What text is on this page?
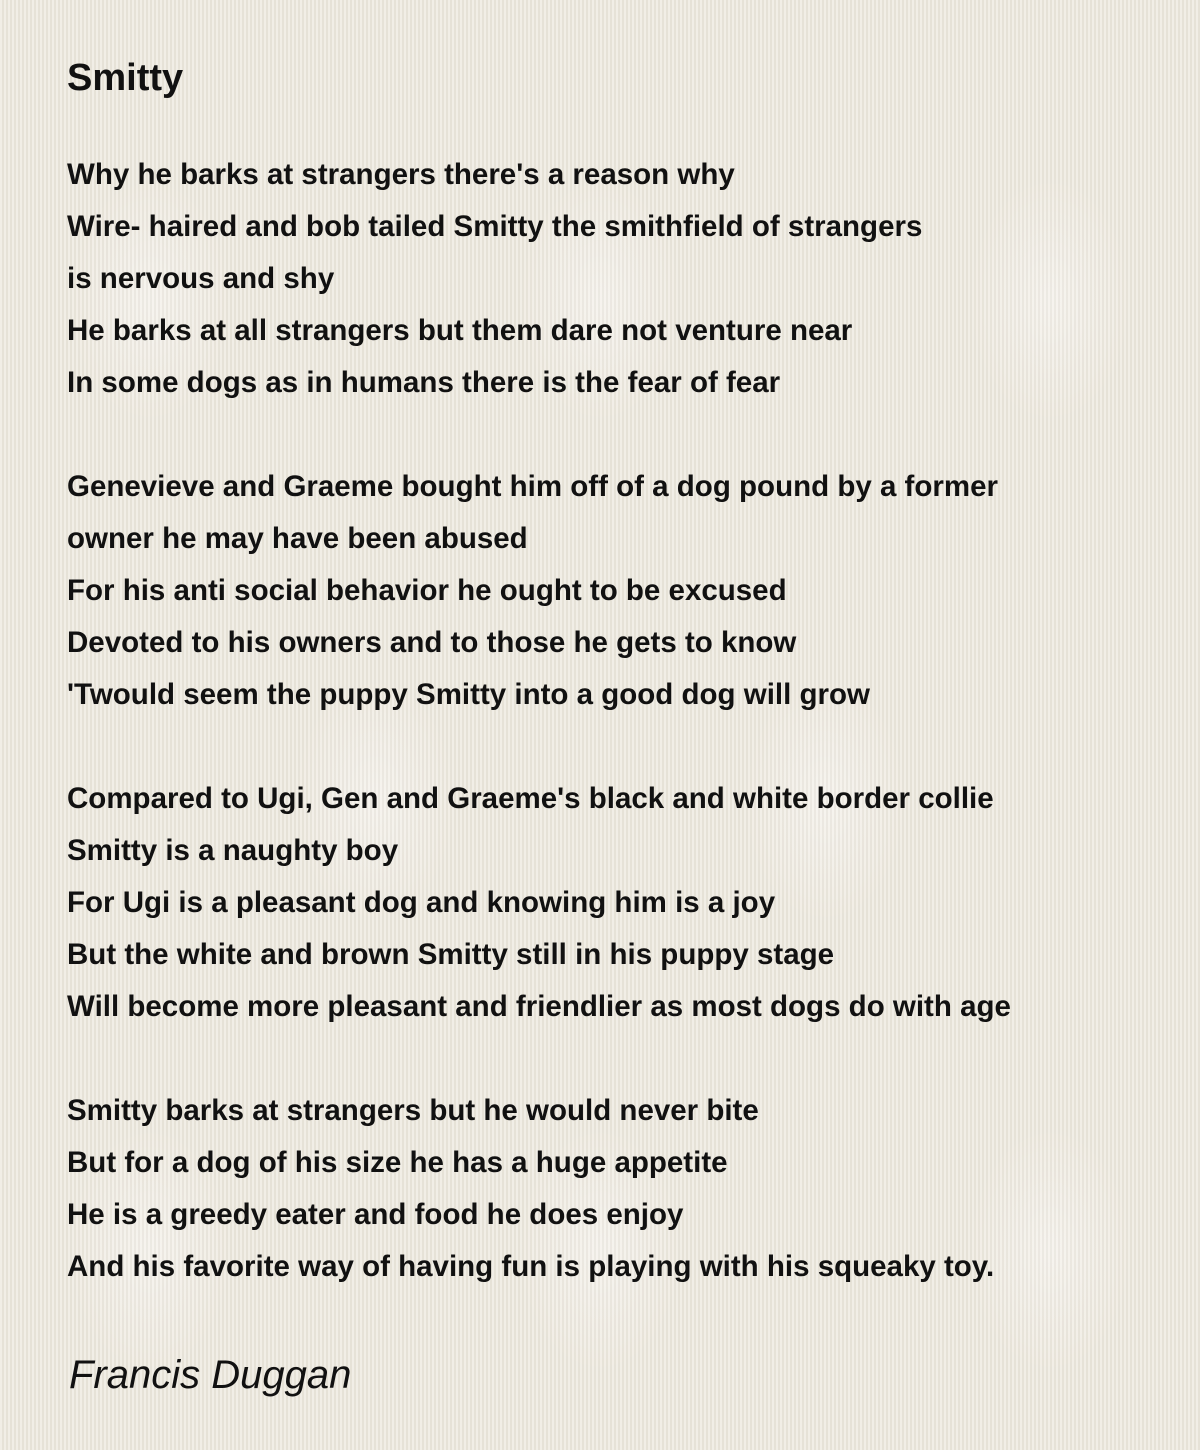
Smitty
Why he barks at strangers there's a reason why
Wire- haired and bob tailed Smitty the smithfield of strangers
is nervous and shy
He barks at all strangers but them dare not venture near
In some dogs as in humans there is the fear of fear
Genevieve and Graeme bought him off of a dog pound by a former
owner he may have been abused
For his anti social behavior he ought to be excused
Devoted to his owners and to those he gets to know
'Twould seem the puppy Smitty into a good dog will grow
Compared to Ugi, Gen and Graeme's black and white border collie
Smitty is a naughty boy
For Ugi is a pleasant dog and knowing him is a joy
But the white and brown Smitty still in his puppy stage
Will become more pleasant and friendlier as most dogs do with age
Smitty barks at strangers but he would never bite
But for a dog of his size he has a huge appetite
He is a greedy eater and food he does enjoy
And his favorite way of having fun is playing with his squeaky toy.
Francis Duggan
